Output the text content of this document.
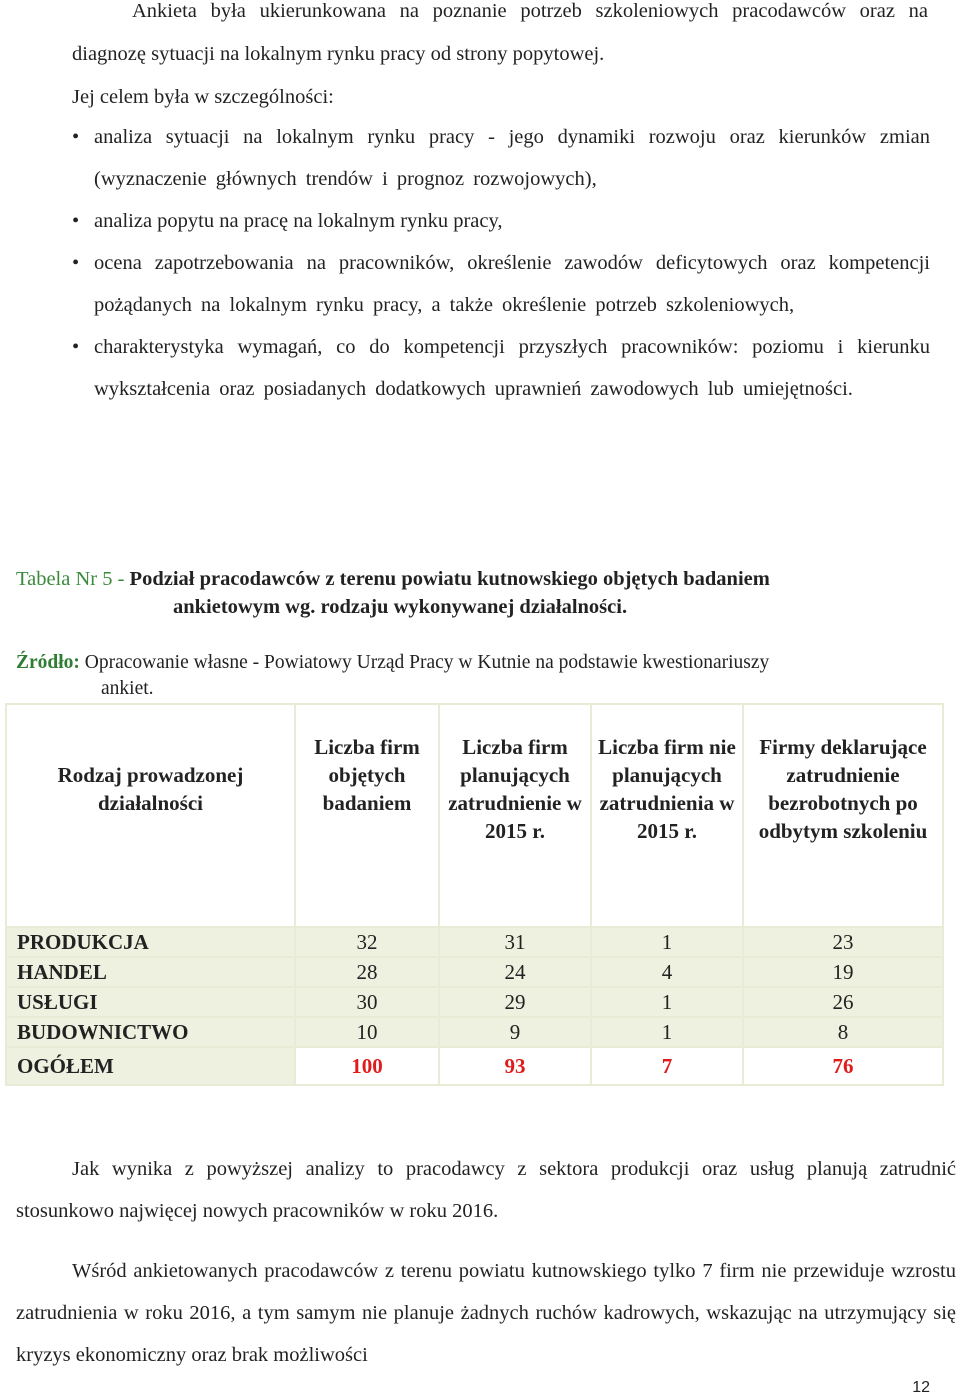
Ankieta była ukierunkowana na poznanie potrzeb szkoleniowych pracodawców oraz na diagnozę sytuacji na lokalnym rynku pracy od strony popytowej.

Jej celem była w szczególności:

• analiza sytuacji na lokalnym rynku pracy - jego dynamiki rozwoju oraz kierunków zmian (wyznaczenie głównych trendów i prognoz rozwojowych),
• analiza popytu na pracę na lokalnym rynku pracy,
• ocena zapotrzebowania na pracowników, określenie zawodów deficytowych oraz kompetencji pożądanych na lokalnym rynku pracy, a także określenie potrzeb szkoleniowych,
• charakterystyka wymagań, co do kompetencji przyszłych pracowników: poziomu i kierunku wykształcenia oraz posiadanych dodatkowych uprawnień zawodowych lub umiejętności.
Tabela Nr 5 - Podział pracodawców z terenu powiatu kutnowskiego objętych badaniem
ankietowym wg. rodzaju wykonywanej działalności.
Źródło: Opracowanie własne - Powiatowy Urząd Pracy w Kutnie na podstawie kwestionariuszy
ankiet.
Rodzaj prowadzonej działalności	Liczba firm objętych badaniem	Liczba firm planujących zatrudnienie w 2015 r.	Liczba firm nie planujących zatrudnienia w 2015 r.	Firmy deklarujące zatrudnienie bezrobotnych po odbytym szkoleniu
PRODUKCJA	32	31	1	23
HANDEL	28	24	4	19
USŁUGI	30	29	1	26
BUDOWNICTWO	10	9	1	8
OGÓŁEM	100	93	7	76

Jak wynika z powyższej analizy to pracodawcy z sektora produkcji oraz usług planują zatrudnić stosunkowo najwięcej nowych pracowników w roku 2016.

Wśród ankietowanych pracodawców z terenu powiatu kutnowskiego tylko 7 firm nie przewiduje wzrostu zatrudnienia w roku 2016, a tym samym nie planuje żadnych ruchów kadrowych, wskazując na utrzymujący się kryzys ekonomiczny oraz brak możliwości

12
